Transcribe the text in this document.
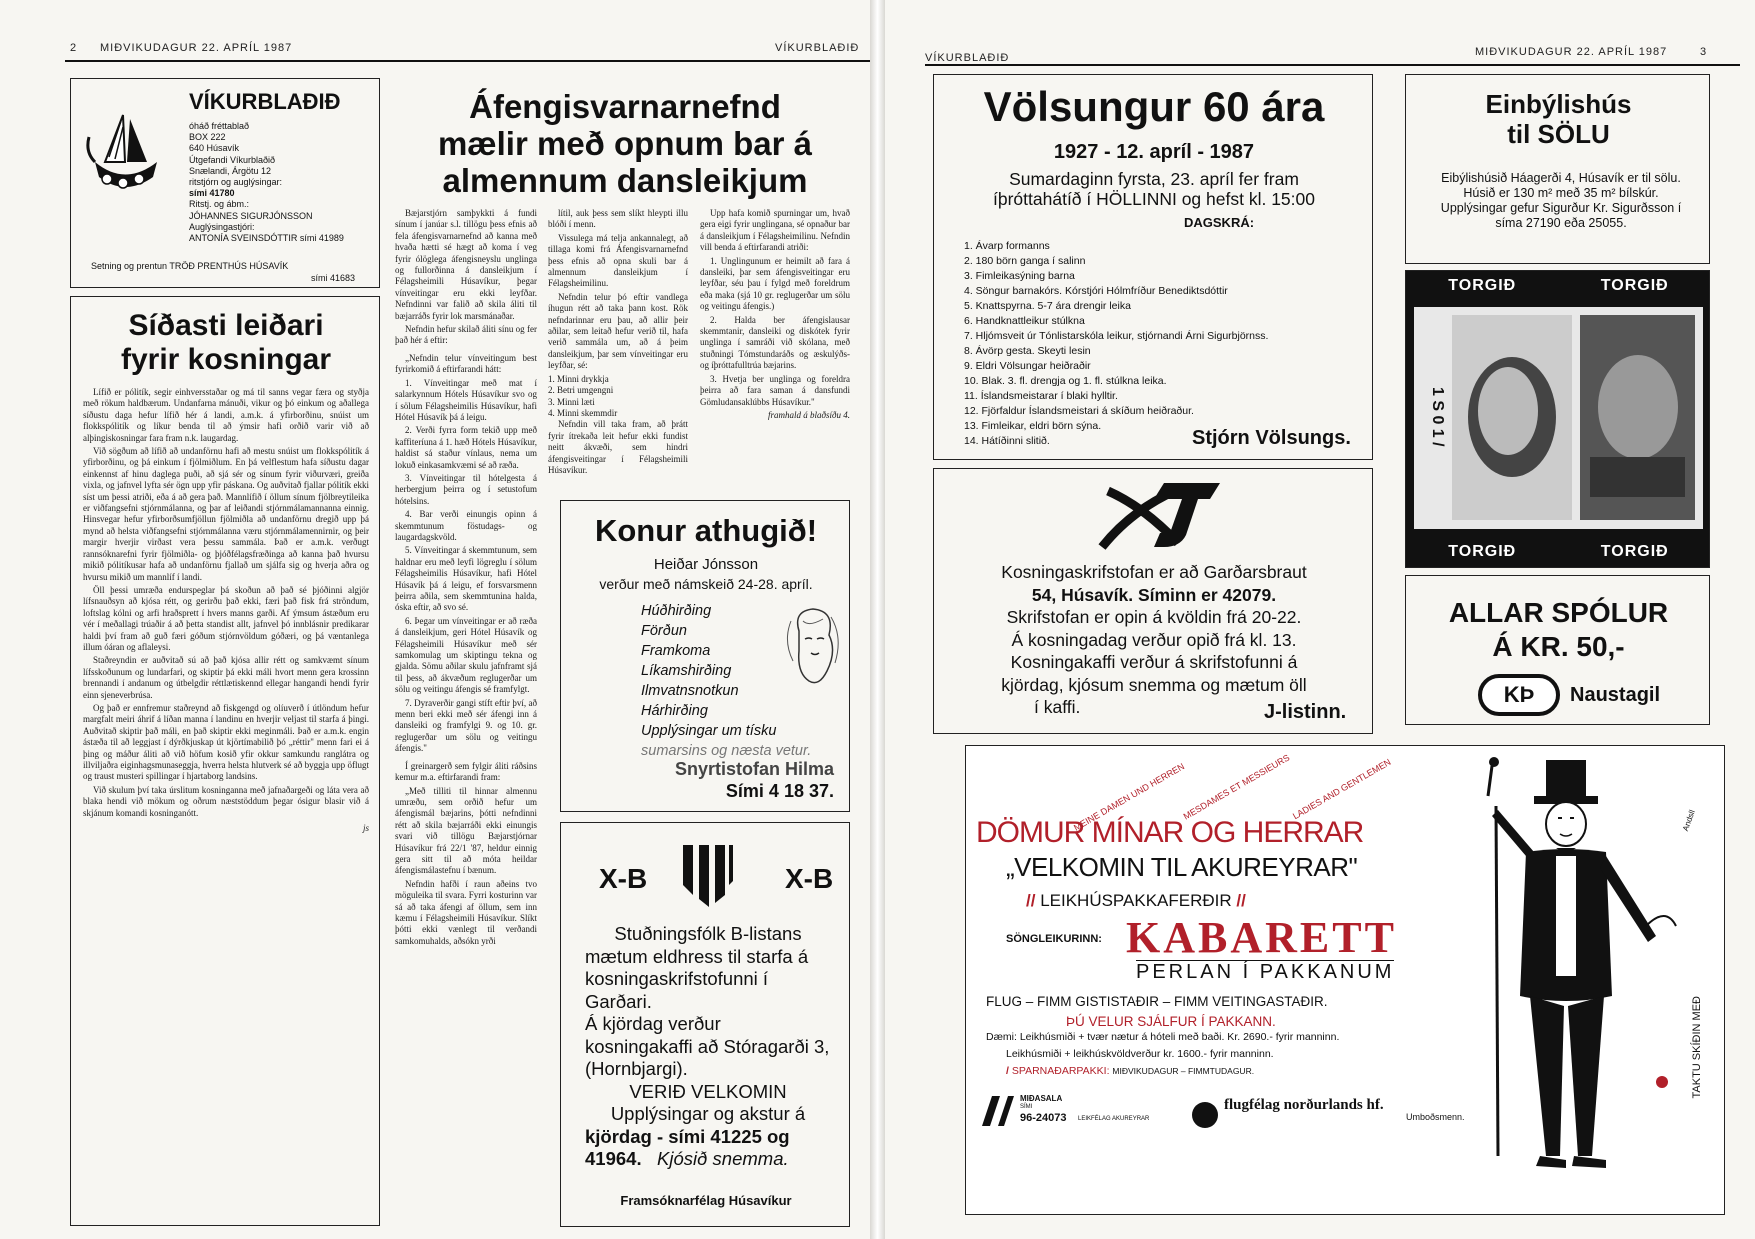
2 MIÐVIKUDAGUR 22. APRÍL 1987	VÍKURBLAÐIÐ
VÍKURBLAÐIÐ
óháð fréttablað
BOX 222
640 Húsavík
Útgefandi Víkurblaðið
Snælandi, Árgötu 12
ritstjórn og auglýsingar:
sími 41780
Ritstj. og ábm.:
JÓHANNES SIGURJÓNSSON
Auglýsingastjóri:
ANTONÍA SVEINSDÓTTIR sími 41989
Setning og prentun TRÖÐ PRENTHÚS HÚSAVÍK
sími 41683
Síðasti leiðari
fyrir kosningar

Lífið er pólitík, segir einhversstaðar og má til sanns vegar færa og styðja með rökum haldbærum. Undanfarna mánuði, vikur og þó einkum og aðallega síðustu daga hefur lífið hér á landi, a.m.k. á yfirborðinu, snúist um flokkspólitík og líkur benda til að ýmsir hafi orðið varir við að alþingiskosningar fara fram n.k. laugardag.

Við sögðum að lífið að undanförnu hafi að mestu snúist um flokkspólitík á yfirborðinu, og þá einkum í fjölmiðlum. En þá velflestum hafa síðustu dagar einkennst af hinu daglega puði, að sjá sér og sínum fyrir viðurværi, greiða vixla, og jafnvel lyfta sér ögn upp yfir páskana. Og auðvitað fjallar pólitík ekki síst um þessi atriði, eða á að gera það. Mannlífið í öllum sínum fjölbreytileika er viðfangsefni stjórnmálanna, og þar af leiðandi stjórnmálamannanna einnig. Hinsvegar hefur yfirborðsumfjöllun fjölmiðla að undanförnu dregið upp þá mynd að helsta viðfangsefni stjórnmálanna væru stjórnmálamennirnir, og þeir margir hverjir virðast vera þessu sammála. Það er a.m.k. verðugt rannsóknarefni fyrir fjölmiðla- og þjóðfélagsfræðinga að kanna það hvursu mikið pólitíkusar hafa að undanförnu fjallað um sjálfa sig og hverja aðra og hvursu mikið um mannlíf í landi.

Öll þessi umræða endurspeglar þá skoðun að það sé þjóðinni algjör lífsnauðsyn að kjósa rétt, og gerirðu það ekki, færi það fisk frá ströndum, loftslag kólni og arfi hraðsprett í hvers manns garði. Af ýmsum ástæðum eru vér í meðallagi trúaðir á að þetta standist allt, jafnvel þó innblásnir predikarar haldi því fram að guð færi góðum stjórnvöldum góðæri, og þá væntanlega illum óáran og aflaleysi.

Staðreyndin er auðvitað sú að það kjósa allir rétt og samkvæmt sínum lífsskoðunum og lundarfari, og skiptir þá ekki máli hvort menn gera krossinn brennandi í andanum og útbelgdir réttlætiskennd ellegar hangandi hendi fyrir einn sjeneverbrúsa.

Og það er ennfremur staðreynd að fiskgengd og olíuverð í útlöndum hefur margfalt meiri áhrif á líðan manna í landinu en hverjir veljast til starfa á þingi. Auðvitað skiptir það máli, en það skiptir ekki meginmáli. Það er a.m.k. engin ástæða til að leggjast í dýrðkjuskap út kjörtímabilið þó „réttir" menn fari ei á þing og máður áliti að við höfum kosið yfir okkur samkundu ranglátra og illviljaðra eiginhagsmunaseggja, hverra helsta hlutverk sé að byggja upp öflugt og traust musteri spillingar í hjartaborg landsins.

Við skulum því taka úrslitum kosninganna með jafnaðargeði og láta vera að blaka hendi við mökum og oðrum næststöddum þegar ósigur blasir við á skjánum komandi kosninganótt.

js
Áfengisvarnarnefnd
mælir með opnum bar á
almennum dansleikjum

Bæjarstjórn samþykkti á fundi sínum í janúar s.l. tillögu þess efnis að fela áfengisvarnarnefnd að kanna með hvaða hætti sé hægt að koma í veg fyrir ólöglega áfengisneyslu unglinga og fullorðinna á dansleikjum í Félagsheimili Húsavíkur, þegar vínveitingar eru ekki leyfðar. Nefndinni var falið að skila áliti til bæjarráðs fyrir lok marsmánaðar.

Nefndin hefur skilað áliti sínu og fer það hér á eftir:

„Nefndin telur vínveitingum best fyrirkomið á eftirfarandi hátt:

1. Vínveitingar með mat í salarkynnum Hótels Húsavíkur svo og í sölum Félagsheimilis Húsavíkur, hafi Hótel Húsavík þá á leigu.

2. Verði fyrra form tekið upp með kaffiteríuna á 1. hæð Hótels Húsavíkur, haldist sá staður vínlaus, nema um lokuð einkasamkvæmi sé að ræða.

3. Vínveitingar til hótelgesta á herbergjum þeirra og í setustofum hótelsins.

4. Bar verði einungis opinn á skemmtunum föstudags- og laugardagskvöld.

5. Vínveitingar á skemmtunum, sem haldnar eru með leyfi lögreglu í sölum Félagsheimilis Húsavíkur, hafi Hótel Húsavík þá á leigu, ef forsvarsmenn þeirra aðila, sem skemmtunina halda, óska eftir, að svo sé.

6. Þegar um vínveitingar er að ræða á dansleikjum, geri Hótel Húsavík og Félagsheimili Húsavíkur með sér samkomulag um skiptingu tekna og gjalda. Sömu aðilar skulu jafnframt sjá til þess, að ákvæðum reglugerðar um sölu og veitingu áfengis sé framfylgt.

7. Dyraverðir gangi stíft eftir því, að menn beri ekki með sér áfengi inn á dansleiki og framfylgi 9. og 10. gr. reglugerðar um sölu og veitingu áfengis."

Í greinargerð sem fylgir áliti ráðsins kemur m.a. eftirfarandi fram:

„Með tilliti til hinnar almennu umræðu, sem orðið hefur um áfengismál bæjarins, þótti nefndinni rétt að skila bæjarráði ekki einungis svari við tillögu Bæjarstjórnar Húsavíkur frá 22/1 '87, heldur einnig gera sitt til að móta heildar áfengismálastefnu í bænum.

Nefndin hafði í raun aðeins tvo möguleika til svara. Fyrri kosturinn var sá að taka áfengi af öllum, sem inn kæmu í Félagsheimili Húsavíkur. Slíkt þótti ekki vænlegt til verðandi samkomuhalds, aðsókn yrði

lítil, auk þess sem slíkt hleypti illu blóði í menn.

Vissulega má telja ankannalegt, að tillaga komi frá Áfengisvarnarnefnd þess efnis að opna skuli bar á almennum dansleikjum í Félagsheimilinu.

Nefndin telur þó eftir vandlega íhugun rétt að taka þann kost. Rök nefndarinnar eru þau, að allir þeir aðilar, sem leitað hefur verið til, hafa verið sammála um, að á þeim dansleikjum, þar sem vínveitingar eru leyfðar, sé:

1. Minni drykkja

2. Betri umgengni

3. Minni læti

4. Minni skemmdir

Nefndin vill taka fram, að þrátt fyrir ítrekaða leit hefur ekki fundist neitt ákvæði, sem hindri áfengisveitingar í Félagsheimili Húsavíkur.

Upp hafa komið spurningar um, hvað gera eigi fyrir unglingana, sé opnaður bar á dansleikjum í Félagsheimilinu. Nefndin vill benda á eftirfarandi atriði:

1. Unglingunum er heimilt að fara á dansleiki, þar sem áfengisveitingar eru leyfðar, séu þau í fylgd með foreldrum eða maka (sjá 10 gr. reglugerðar um sölu og veitingu áfengis.)

2. Halda ber áfengislausar skemmtanir, dansleiki og diskótek fyrir unglinga í samráði við skólana, með stuðningi Tómstundaráðs og æskulýðs- og íþróttafulltrúa bæjarins.

3. Hvetja ber unglinga og foreldra þeirra að fara saman á dansfundi Gömludansaklúbbs Húsavíkur."

framhald á blaðsíðu 4.

Konur athugið!
Heiðar Jónsson
verður með námskeið 24-28. apríl.
Húðhirðing
Förðun
Framkoma
Líkamshirðing
Ilmvatnsnotkun
Hárhirðing
Upplýsingar um tísku
sumarsins og næsta vetur.
Snyrtistofan Hilma
Sími 4 18 37.
X-B	X-B
Stuðningsfólk B-listans
mætum eldhress til starfa á
kosningaskrifstofunni í
Garðari.
Á kjördag verður kosningakaffi að Stóragarði 3,
(Hornbjargi).
VERIÐ VELKOMIN
Upplýsingar og akstur á
kjördag - sími 41225 og
41964. Kjósið snemma.
Framsóknarfélag Húsavíkur
VÍKURBLAÐIÐ	MIÐVIKUDAGUR 22. APRÍL 1987	3
Völsungur 60 ára
1927 - 12. apríl - 1987
Sumardaginn fyrsta, 23. apríl fer fram
íþróttahátíð í HÖLLINNI og hefst kl. 15:00
DAGSKRÁ:
1. Ávarp formanns
2. 180 börn ganga í salinn
3. Fimleikasýning barna
4. Söngur barnakórs. Kórstjóri Hólmfríður Benediktsdóttir
5. Knattspyrna. 5-7 ára drengir leika
6. Handknattleikur stúlkna
7. Hljómsveit úr Tónlistarskóla leikur, stjórnandi Árni Sigurbjörnss.
8. Ávörp gesta. Skeyti lesin
9. Eldri Völsungar heiðraðir
10. Blak. 3. fl. drengja og 1. fl. stúlkna leika.
11. Íslandsmeistarar í blaki hylltir.
12. Fjörfaldur Íslandsmeistari á skíðum heiðraður.
13. Fimleikar, eldri börn sýna.
14. Hátíðinni slitið.	Stjórn Völsungs.
Einbýlishús
til SÖLU
Eibýlishúsið Háagerði 4, Húsavík er til sölu. Húsið er 130 m² með 35 m² bílskúr. Upplýsingar gefur Sigurður Kr. Sigurðsson í síma 27190 eða 25055.
TORGIÐ	TORGIÐ
1 S 0 1 /
TORGIÐ	TORGIÐ
ALLAR SPÓLUR
Á KR. 50,-
KÞ	Naustagil
Kosningaskrifstofan er að Garðarsbraut
54, Húsavík. Síminn er 42079.
Skrifstofan er opin á kvöldin frá 20-22.
Á kosningadag verður opið frá kl. 13.
Kosningakaffi verður á skrifstofunni á
kjördag, kjósum snemma og mætum öll
í kaffi.	J-listinn.
MEINE DAMEN UND HERREN
MESDAMES ET MESSIEURS LADIES AND GENTLEMEN
DÖMUR MÍNAR OG HERRAR
„VELKOMIN TIL AKUREYRAR"
// LEIKHÚSPAKKAFERÐIR //
SÖNGLEIKURINN: KABARETT
PERLAN Í PAKKANUM
FLUG – FIMM GISTISTAÐIR – FIMM VEITINGASTAÐIR.
ÞÚ VELUR SJÁLFUR Í PAKKANN.
Dæmi: Leikhúsmiði + tvær nætur á hóteli með baði. Kr. 2690.- fyrir manninn.
Leikhúsmiði + leikhúskvöldverður kr. 1600.- fyrir manninn.
/ SPARNAÐARPAKKI: MIÐVIKUDAGUR – FIMMTUDAGUR.
MIÐASALA
SÍMI
96-24073 LEIKFÉLAG AKUREYRAR
flugfélag norðurlands hf.
Umboðsmenn.
Andsll
TAKTU SKÍÐIN MEÐ
